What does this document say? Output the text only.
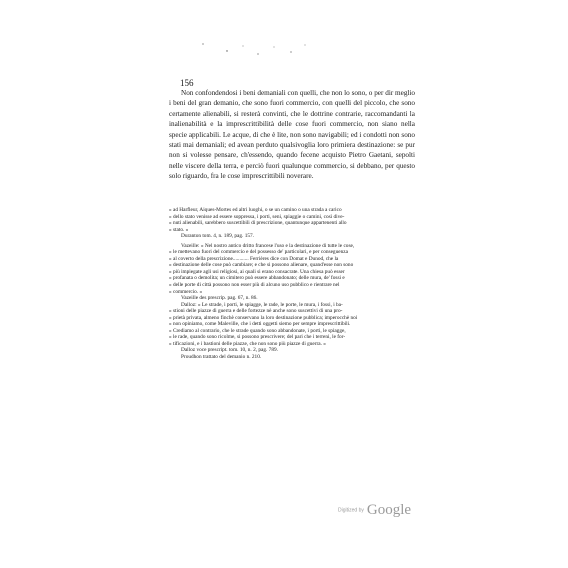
156

Non confondendosi i beni demaniali con quelli, che non lo sono, o per dir meglio i beni del gran demanio, che sono fuori commercio, con quelli del piccolo, che sono certamente alienabili, si resterà convinti, che le dottrine contrarie, raccomandanti la inalienabilità e la imprescrittibilità delle cose fuori commercio, non siano nella specie applicabili. Le acque, di che è lite, non sono navigabili; ed i condotti non sono stati mai demaniali; ed avean perduto qualsivoglia loro primiera destinazione: se pur non si volesse pensare, ch'essendo, quando fecene acquisto Pietro Gaetani, sepolti nelle viscere della terra, e perciò fuori qualunque commercio, si debbano, per questo solo riguardo, fra le cose imprescrittibili noverare.

» ad Harfleur, Aiques-Mortes ed altri luoghi, o se un camino o una strada a carico
» dello stato venisse ad essere soppressa, i porti, seni, spiaggie o camini, così dive-
» nuti alienabili, sarebbero suscettibili di prescrizione, quantunque appartenenti allo
» stato. »
Duranton tom. 4, n. 189, pag. 157.
Vazeille: « Nel nostro antico dritto francese l'uso e la destinazione di tutte le cose,
» le mettevano fuori del commercio e del possesso de' particolari, e per conseguenza
» al coverto della prescrizione............ Ferrières dice con Domat e Dunod, che la
» destinazione delle cose può cambiare; e che si possono alienare, quand'esse non sono
» più impiegate agli usi religiosi, ai quali si erano consacrate. Una chiesa può esser
» profanata o demolita; un cimitero può essere abbandonato; delle mura, de' fossi e
» delle porte di città possono non esser più di alcuno uso pubblico e rientrare nel
» commercio. »
Vazeille des prescrip. pag. 67, n. 86.
Dalloz: « Le strade, i porti, le spiagge, le rade, le porte, le mura, i fossi, i ba-
» stioni delle piazze di guerra e delle fortezze nè anche sono suscettivi di una pro-
» prietà privata, almeno finchè conservano la loro destinazione pubblica; imperocchè noi
» non opiniamo, come Maleville, che i detti oggetti siemo per sempre imprescrittibili.
» Crediamo al contrario, che le strade quando sono abbandonate, i porti, le spiagge,
» le rade, quando sono ricolme, si possono prescrivere; del pari che i terreni, le for-
» tificazioni, e i bastioni delle piazze, che non sono più piazze di guerra. »
Dalloz voce prescript. tom. 10, n. 2, pag. 789.
Proudhon trattato del demanio n. 210.
Digitized by Google
